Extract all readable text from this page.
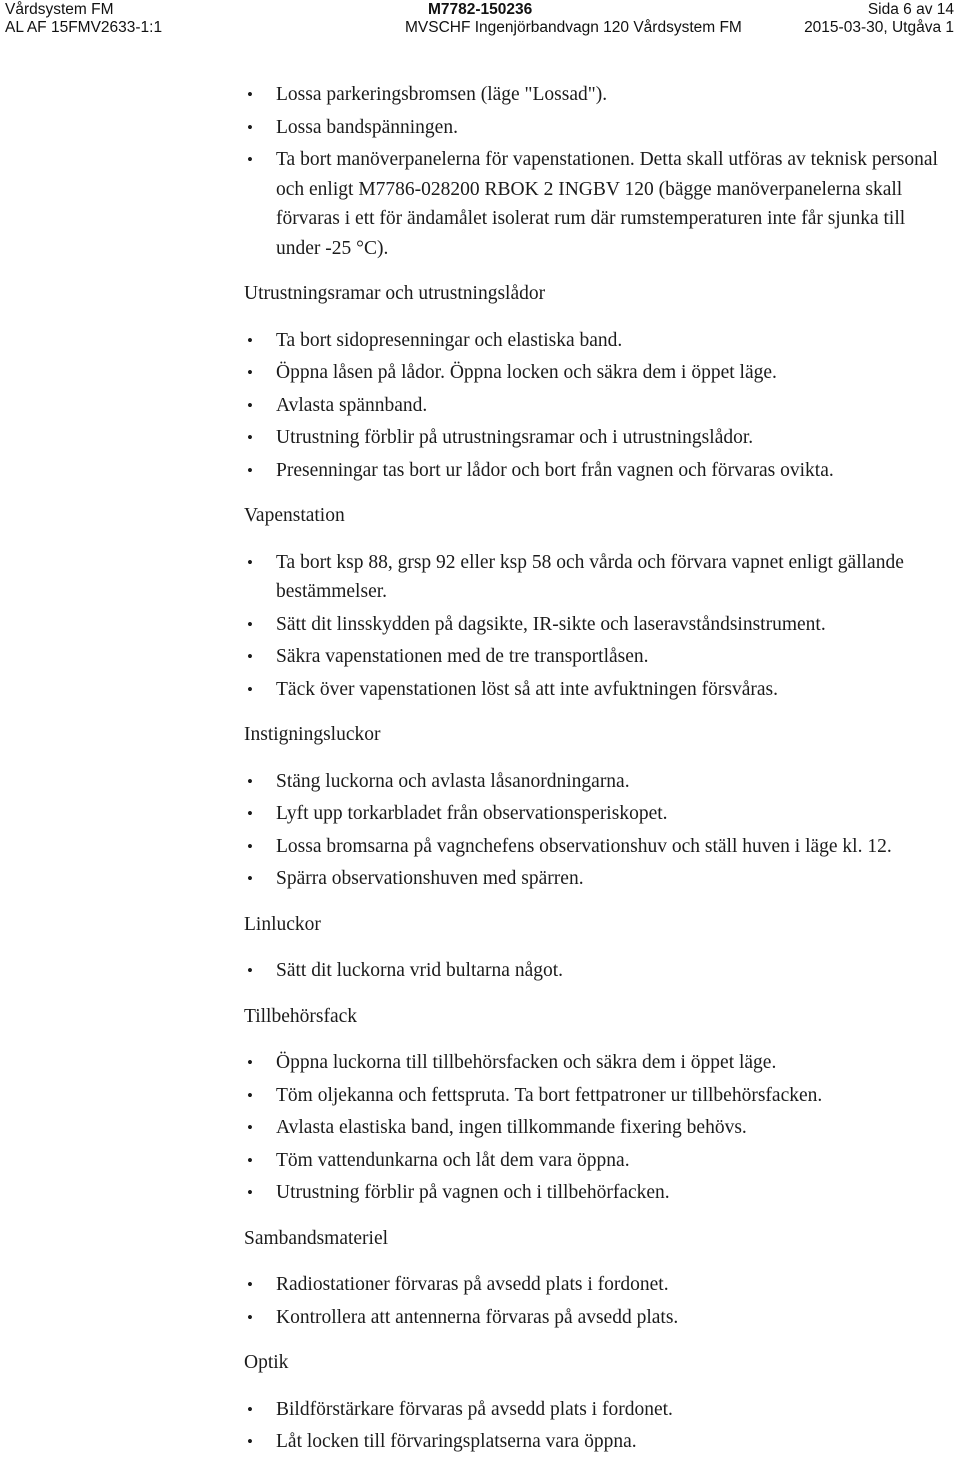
Vårdsystem FM	M7782-150236	Sida 6 av 14
AL AF 15FMV2633-1:1	MVSCHF Ingenjörbandvagn 120 Vårdsystem FM	2015-03-30, Utgåva 1
• Lossa parkeringsbromsen (läge "Lossad").
• Lossa bandspänningen.
• Ta bort manöverpanelerna för vapenstationen. Detta skall utföras av teknisk personal och enligt M7786-028200 RBOK 2 INGBV 120 (bägge manöverpanelerna skall förvaras i ett för ändamålet isolerat rum där rumstemperaturen inte får sjunka till under -25 °C).
Utrustningsramar och utrustningslådor
• Ta bort sidopresenningar och elastiska band.
• Öppna låsen på lådor. Öppna locken och säkra dem i öppet läge.
• Avlasta spännband.
• Utrustning förblir på utrustningsramar och i utrustningslådor.
• Presenningar tas bort ur lådor och bort från vagnen och förvaras ovikta.
Vapenstation
• Ta bort ksp 88, grsp 92 eller ksp 58 och vårda och förvara vapnet enligt gällande bestämmelser.
• Sätt dit linsskydden på dagsikte, IR-sikte och laseravståndsinstrument.
• Säkra vapenstationen med de tre transportlåsen.
• Täck över vapenstationen löst så att inte avfuktningen försvåras.
Instigningsluckor
• Stäng luckorna och avlasta låsanordningarna.
• Lyft upp torkarbladet från observationsperiskopet.
• Lossa bromsarna på vagnchefens observationshuv och ställ huven i läge kl. 12.
• Spärra observationshuven med spärren.
Linluckor
• Sätt dit luckorna vrid bultarna något.
Tillbehörsfack
• Öppna luckorna till tillbehörsfacken och säkra dem i öppet läge.
• Töm oljekanna och fettspruta. Ta bort fettpatroner ur tillbehörsfacken.
• Avlasta elastiska band, ingen tillkommande fixering behövs.
• Töm vattendunkarna och låt dem vara öppna.
• Utrustning förblir på vagnen och i tillbehörfacken.
Sambandsmateriel
• Radiostationer förvaras på avsedd plats i fordonet.
• Kontrollera att antennerna förvaras på avsedd plats.
Optik
• Bildförstärkare förvaras på avsedd plats i fordonet.
• Låt locken till förvaringsplatserna vara öppna.
